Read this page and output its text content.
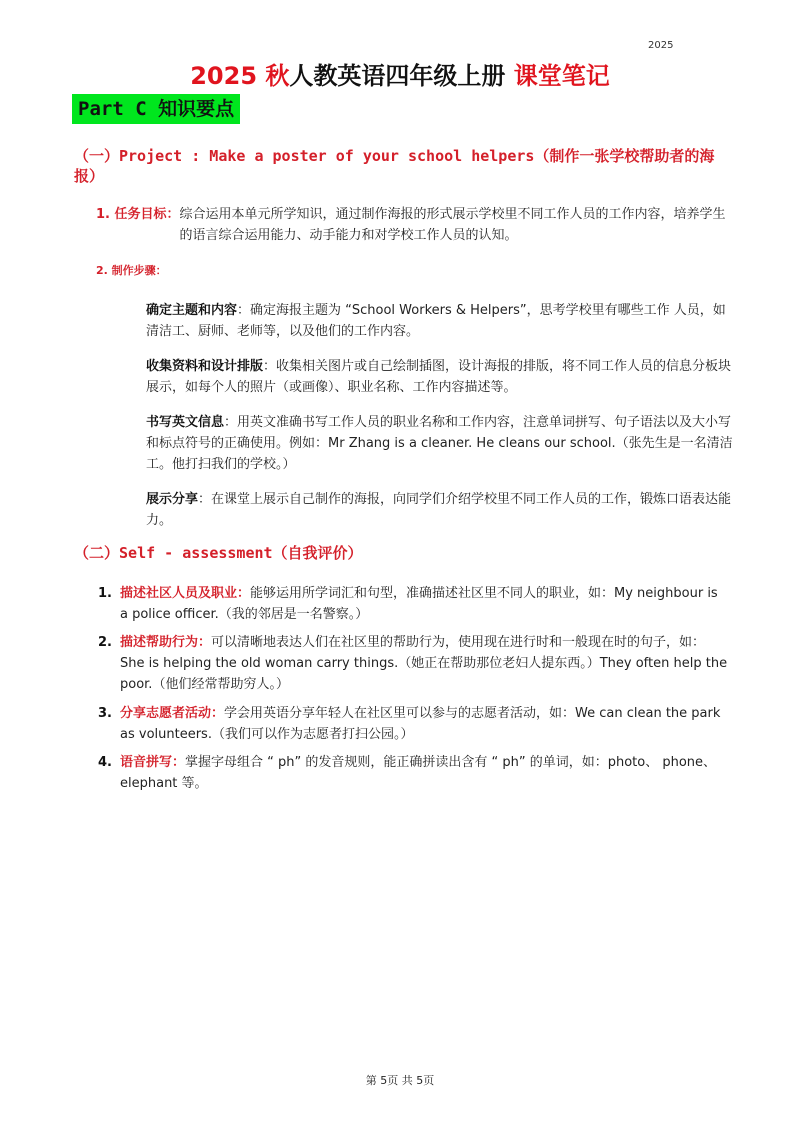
2025
2025 秋人教英语四年级上册 课堂笔记
Part C 知识要点
（一）Project : Make a poster of your school helpers（制作一张学校帮助者的海报）
1. 任务目标： 综合运用本单元所学知识，通过制作海报的形式展示学校里不同工作人员的工作内容，培养学生的语言综合运用能力、动手能力和对学校工作人员的认知。
2. 制作步骤：
确定主题和内容：确定海报主题为 “School Workers & Helpers”，思考学校里有哪些工作 人员，如清洁工、厨师、老师等，以及他们的工作内容。
收集资料和设计排版：收集相关图片或自己绘制插图，设计海报的排版，将不同工作人员的信息分板块展示，如每个人的照片（或画像）、职业名称、工作内容描述等。
书写英文信息：用英文准确书写工作人员的职业名称和工作内容，注意单词拼写、句子语法以及大小写和标点符号的正确使用。例如：Mr Zhang is a cleaner. He cleans our school.（张先生是一名清洁工。他打扫我们的学校。）
展示分享：在课堂上展示自己制作的海报，向同学们介绍学校里不同工作人员的工作，锻炼口语表达能力。
（二）Self - assessment（自我评价）
1. 描述社区人员及职业：能够运用所学词汇和句型，准确描述社区里不同人的职业，如：My neighbour is a police officer.（我的邻居是一名警察。）
2. 描述帮助行为：可以清晰地表达人们在社区里的帮助行为，使用现在进行时和一般现在时的句子，如：She is helping the old woman carry things.（她正在帮助那位老妇人提东西。）They often help the poor.（他们经常帮助穷人。）
3. 分享志愿者活动：学会用英语分享年轻人在社区里可以参与的志愿者活动，如：We can clean the park as volunteers.（我们可以作为志愿者打扫公园。）
4. 语音拼写：掌握字母组合 “ ph” 的发音规则，能正确拼读出含有 “ ph” 的单词，如：photo、 phone、elephant 等。
第 5页 共 5页
